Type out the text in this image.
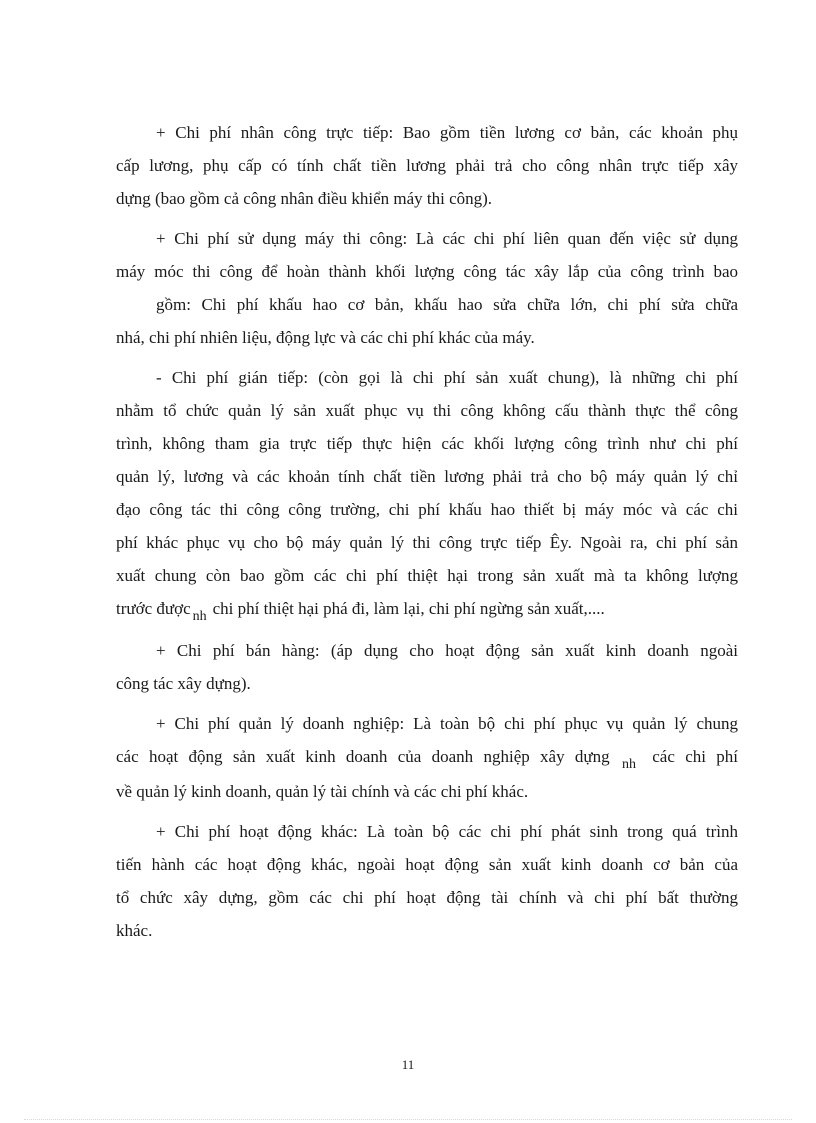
+ Chi phí nhân công trực tiếp: Bao gồm tiền lương cơ bản, các khoản phụ
cấp lương, phụ cấp có tính chất tiền lương phải trả cho công nhân trực tiếp xây
dựng (bao gồm cả công nhân điều khiển máy thi công).

+ Chi phí sử dụng máy thi công: Là các chi phí liên quan đến việc sử dụng
máy móc thi công để hoàn thành khối lượng công tác xây lắp của công trình bao
gồm: Chi phí khấu hao cơ bản, khấu hao sửa chữa lớn, chi phí sửa chữa
nhá, chi phí nhiên liệu, động lực và các chi phí khác của máy.

- Chi phí gián tiếp: (còn gọi là chi phí sản xuất chung), là những chi phí
nhằm tổ chức quản lý sản xuất phục vụ thi công không cấu thành thực thể công
trình, không tham gia trực tiếp thực hiện các khối lượng công trình như chi phí
quản lý, lương và các khoản tính chất tiền lương phải trả cho bộ máy quản lý chỉ
đạo công tác thi công công trường, chi phí khấu hao thiết bị máy móc và các chi
phí khác phục vụ cho bộ máy quản lý thi công trực tiếp Êy. Ngoài ra, chi phí sản
xuất chung còn bao gồm các chi phí thiệt hại trong sản xuất mà ta không lượng
trước được $_{nh}$ chi phí thiệt hại phá đi, làm lại, chi phí ngừng sản xuất,....

+ Chi phí bán hàng: (áp dụng cho hoạt động sản xuất kinh doanh ngoài
công tác xây dựng).

+ Chi phí quản lý doanh nghiệp: Là toàn bộ chi phí phục vụ quản lý chung
các hoạt động sản xuất kinh doanh của doanh nghiệp xây dựng $_{nh}$ các chi phí
về quản lý kinh doanh, quản lý tài chính và các chi phí khác.

+ Chi phí hoạt động khác: Là toàn bộ các chi phí phát sinh trong quá trình
tiến hành các hoạt động khác, ngoài hoạt động sản xuất kinh doanh cơ bản của
tổ chức xây dựng, gồm các chi phí hoạt động tài chính và chi phí bất thường
khác.

11
